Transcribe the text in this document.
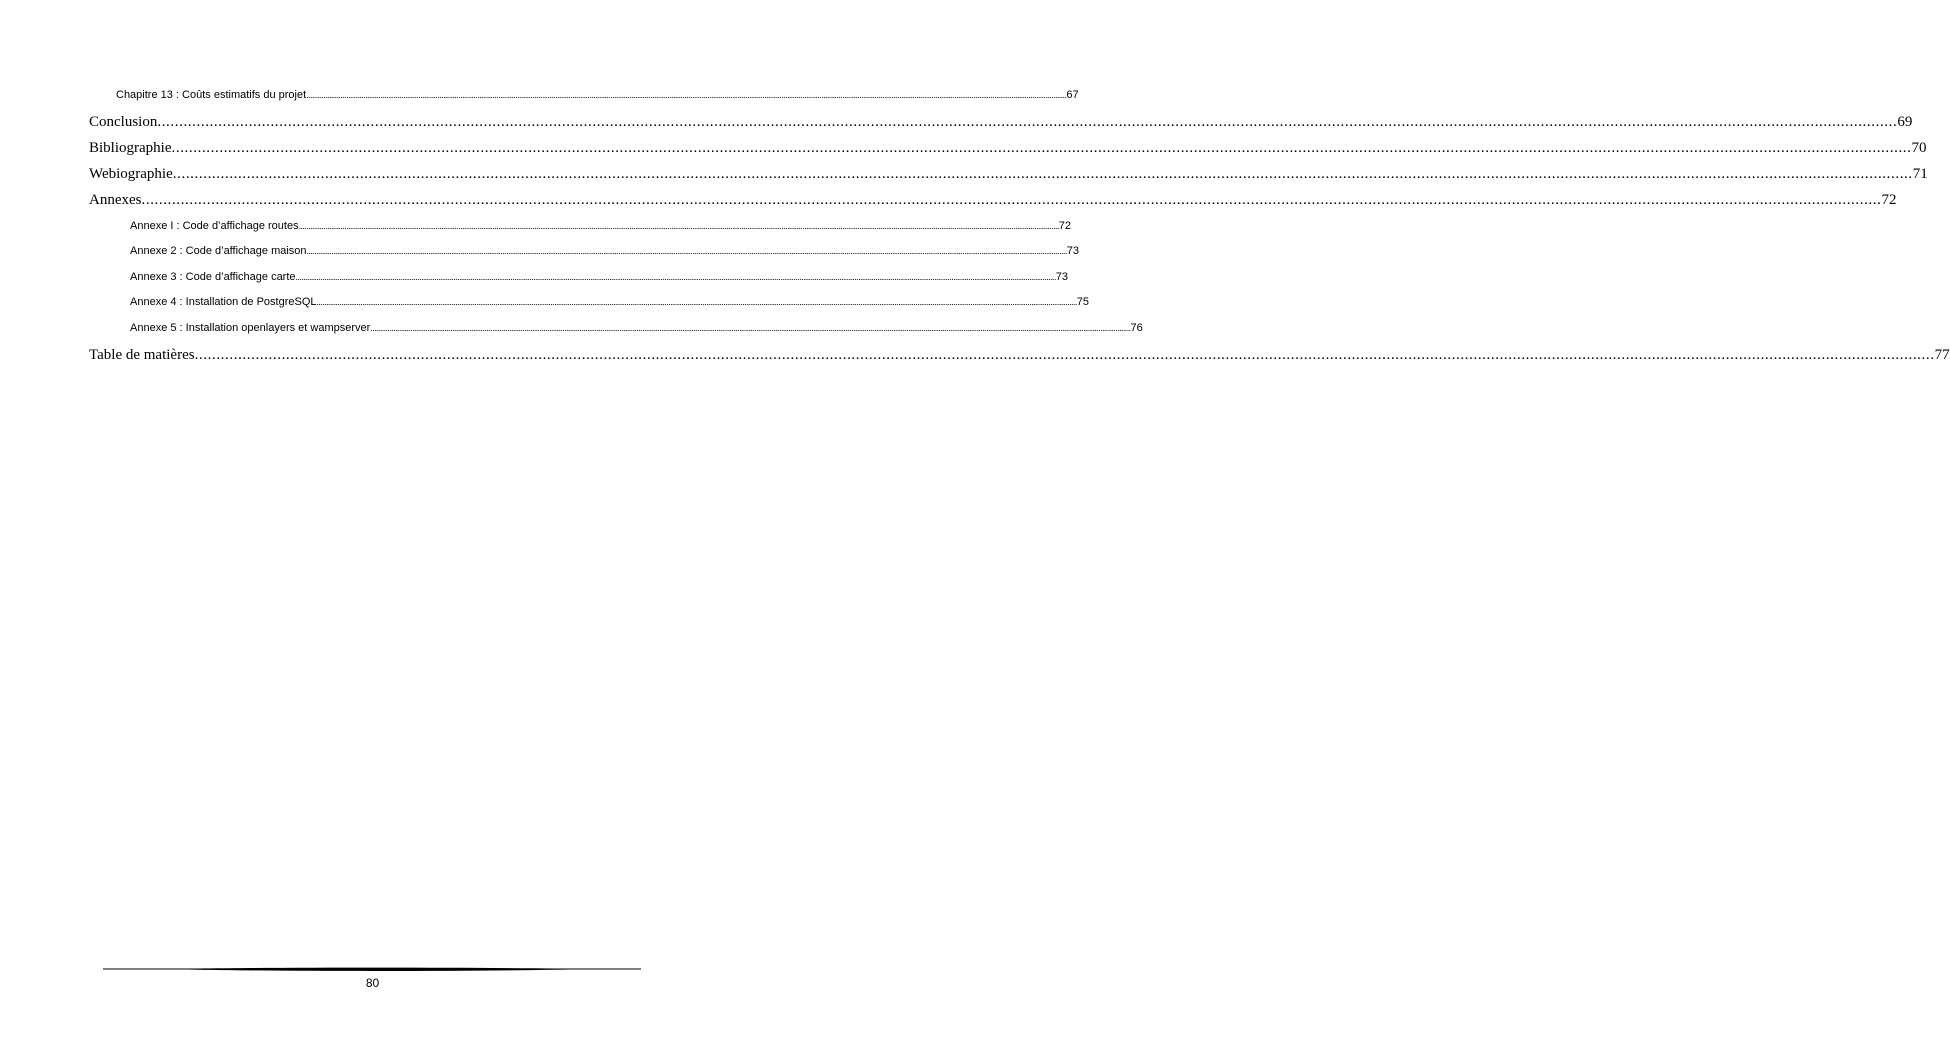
Chapitre 13 : Coûts estimatifs du projet ................................................................................................................................................................................................................................................................................................................................................................................................................ 67
Conclusion ................................................................................................................................................................................................................................................................................................................................................................................................................ 69
Bibliographie ................................................................................................................................................................................................................................................................................................................................................................................................................ 70
Webiographie ................................................................................................................................................................................................................................................................................................................................................................................................................ 71
Annexes ................................................................................................................................................................................................................................................................................................................................................................................................................ 72
Annexe I : Code d’affichage routes ................................................................................................................................................................................................................................................................................................................................................................................................................ 72
Annexe 2 : Code d’affichage maison ................................................................................................................................................................................................................................................................................................................................................................................................................ 73
Annexe 3 : Code d’affichage carte ................................................................................................................................................................................................................................................................................................................................................................................................................ 73
Annexe 4 : Installation de PostgreSQL ................................................................................................................................................................................................................................................................................................................................................................................................................ 75
Annexe 5 : Installation openlayers et wampserver ................................................................................................................................................................................................................................................................................................................................................................................................................ 76
Table de matières ................................................................................................................................................................................................................................................................................................................................................................................................................ 77
80
